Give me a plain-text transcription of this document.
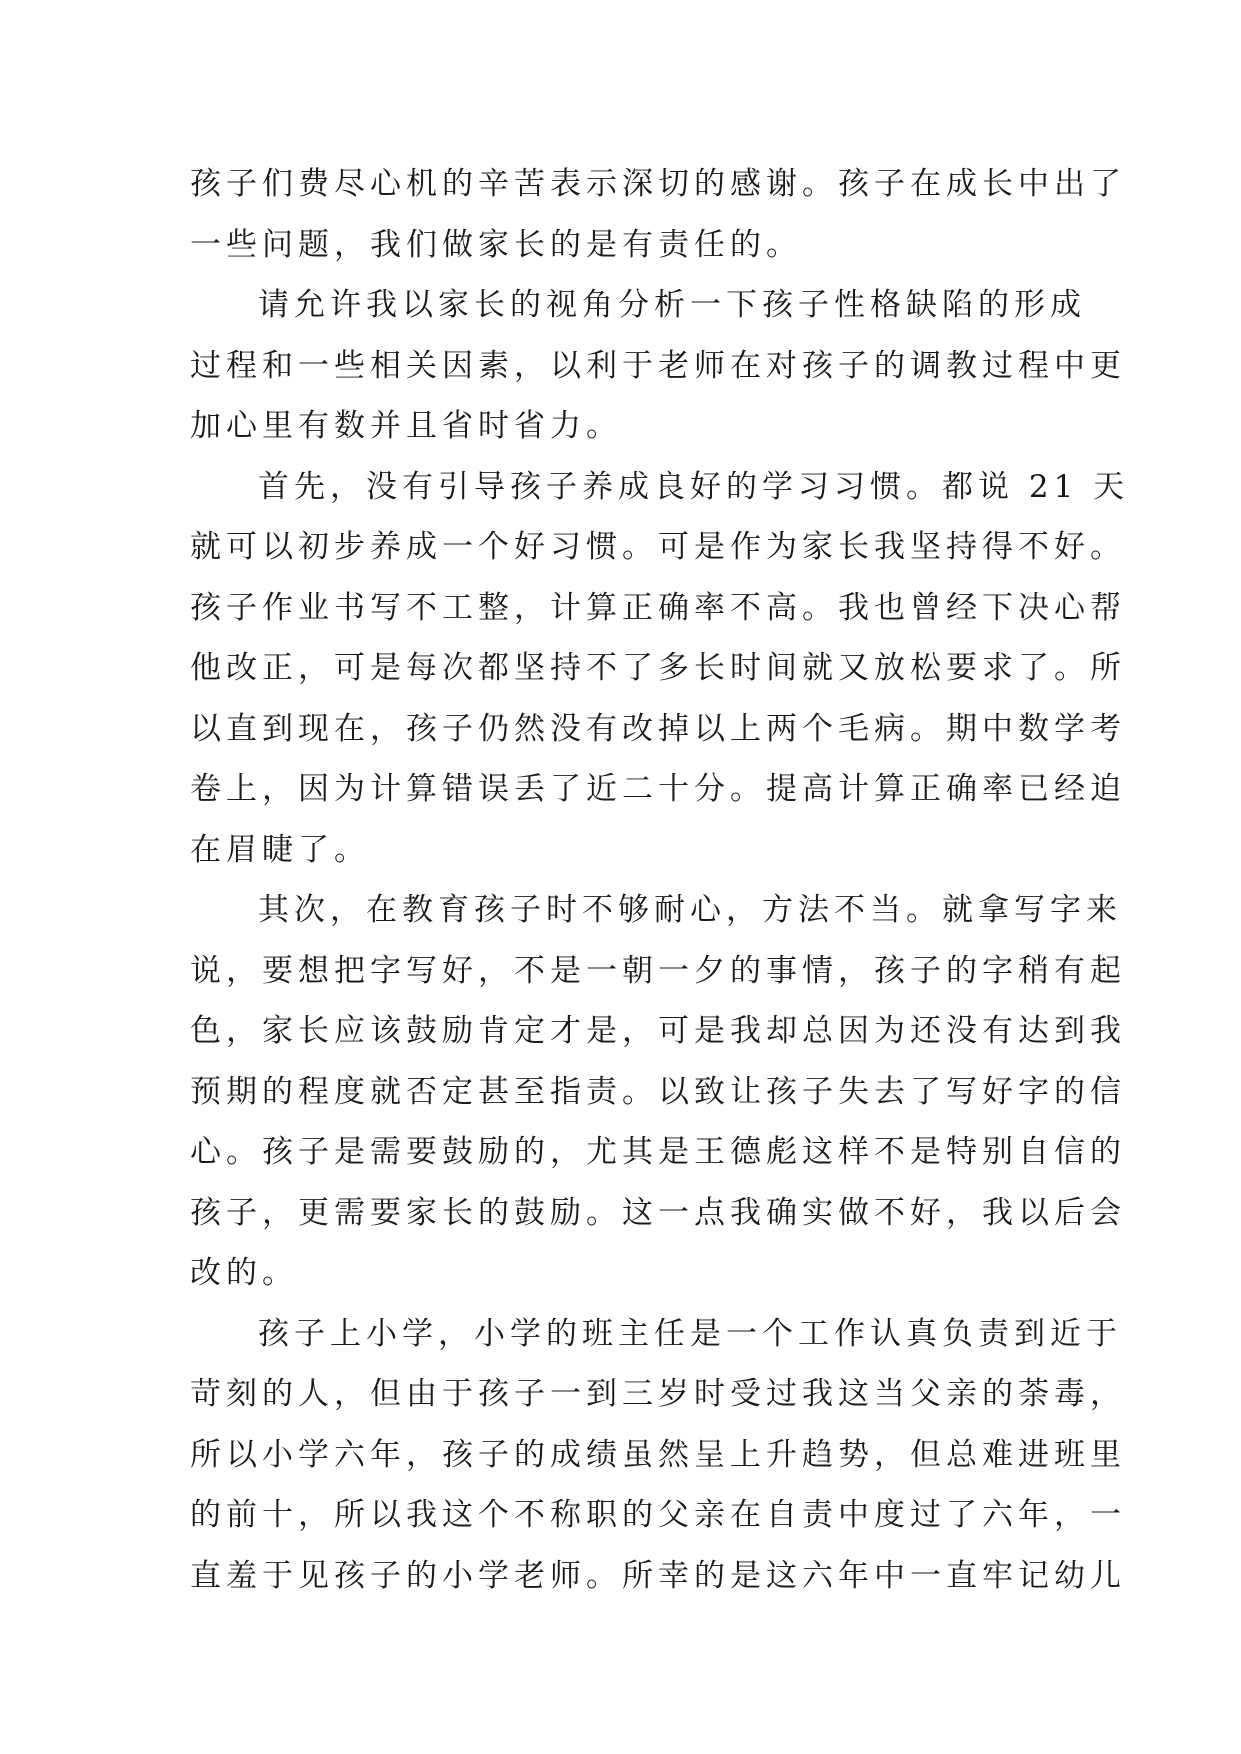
孩子们费尽心机的辛苦表示深切的感谢。孩子在成长中出了
一些问题，我们做家长的是有责任的。
请允许我以家长的视角分析一下孩子性格缺陷的形成
过程和一些相关因素，以利于老师在对孩子的调教过程中更
加心里有数并且省时省力。
首先，没有引导孩子养成良好的学习习惯。都说 21 天
就可以初步养成一个好习惯。可是作为家长我坚持得不好。
孩子作业书写不工整，计算正确率不高。我也曾经下决心帮
他改正，可是每次都坚持不了多长时间就又放松要求了。所
以直到现在，孩子仍然没有改掉以上两个毛病。期中数学考
卷上，因为计算错误丢了近二十分。提高计算正确率已经迫
在眉睫了。
其次，在教育孩子时不够耐心，方法不当。就拿写字来
说，要想把字写好，不是一朝一夕的事情，孩子的字稍有起
色，家长应该鼓励肯定才是，可是我却总因为还没有达到我
预期的程度就否定甚至指责。以致让孩子失去了写好字的信
心。孩子是需要鼓励的，尤其是王德彪这样不是特别自信的
孩子，更需要家长的鼓励。这一点我确实做不好，我以后会
改的。
孩子上小学，小学的班主任是一个工作认真负责到近于
苛刻的人，但由于孩子一到三岁时受过我这当父亲的荼毒，
所以小学六年，孩子的成绩虽然呈上升趋势，但总难进班里
的前十，所以我这个不称职的父亲在自责中度过了六年，一
直羞于见孩子的小学老师。所幸的是这六年中一直牢记幼儿
